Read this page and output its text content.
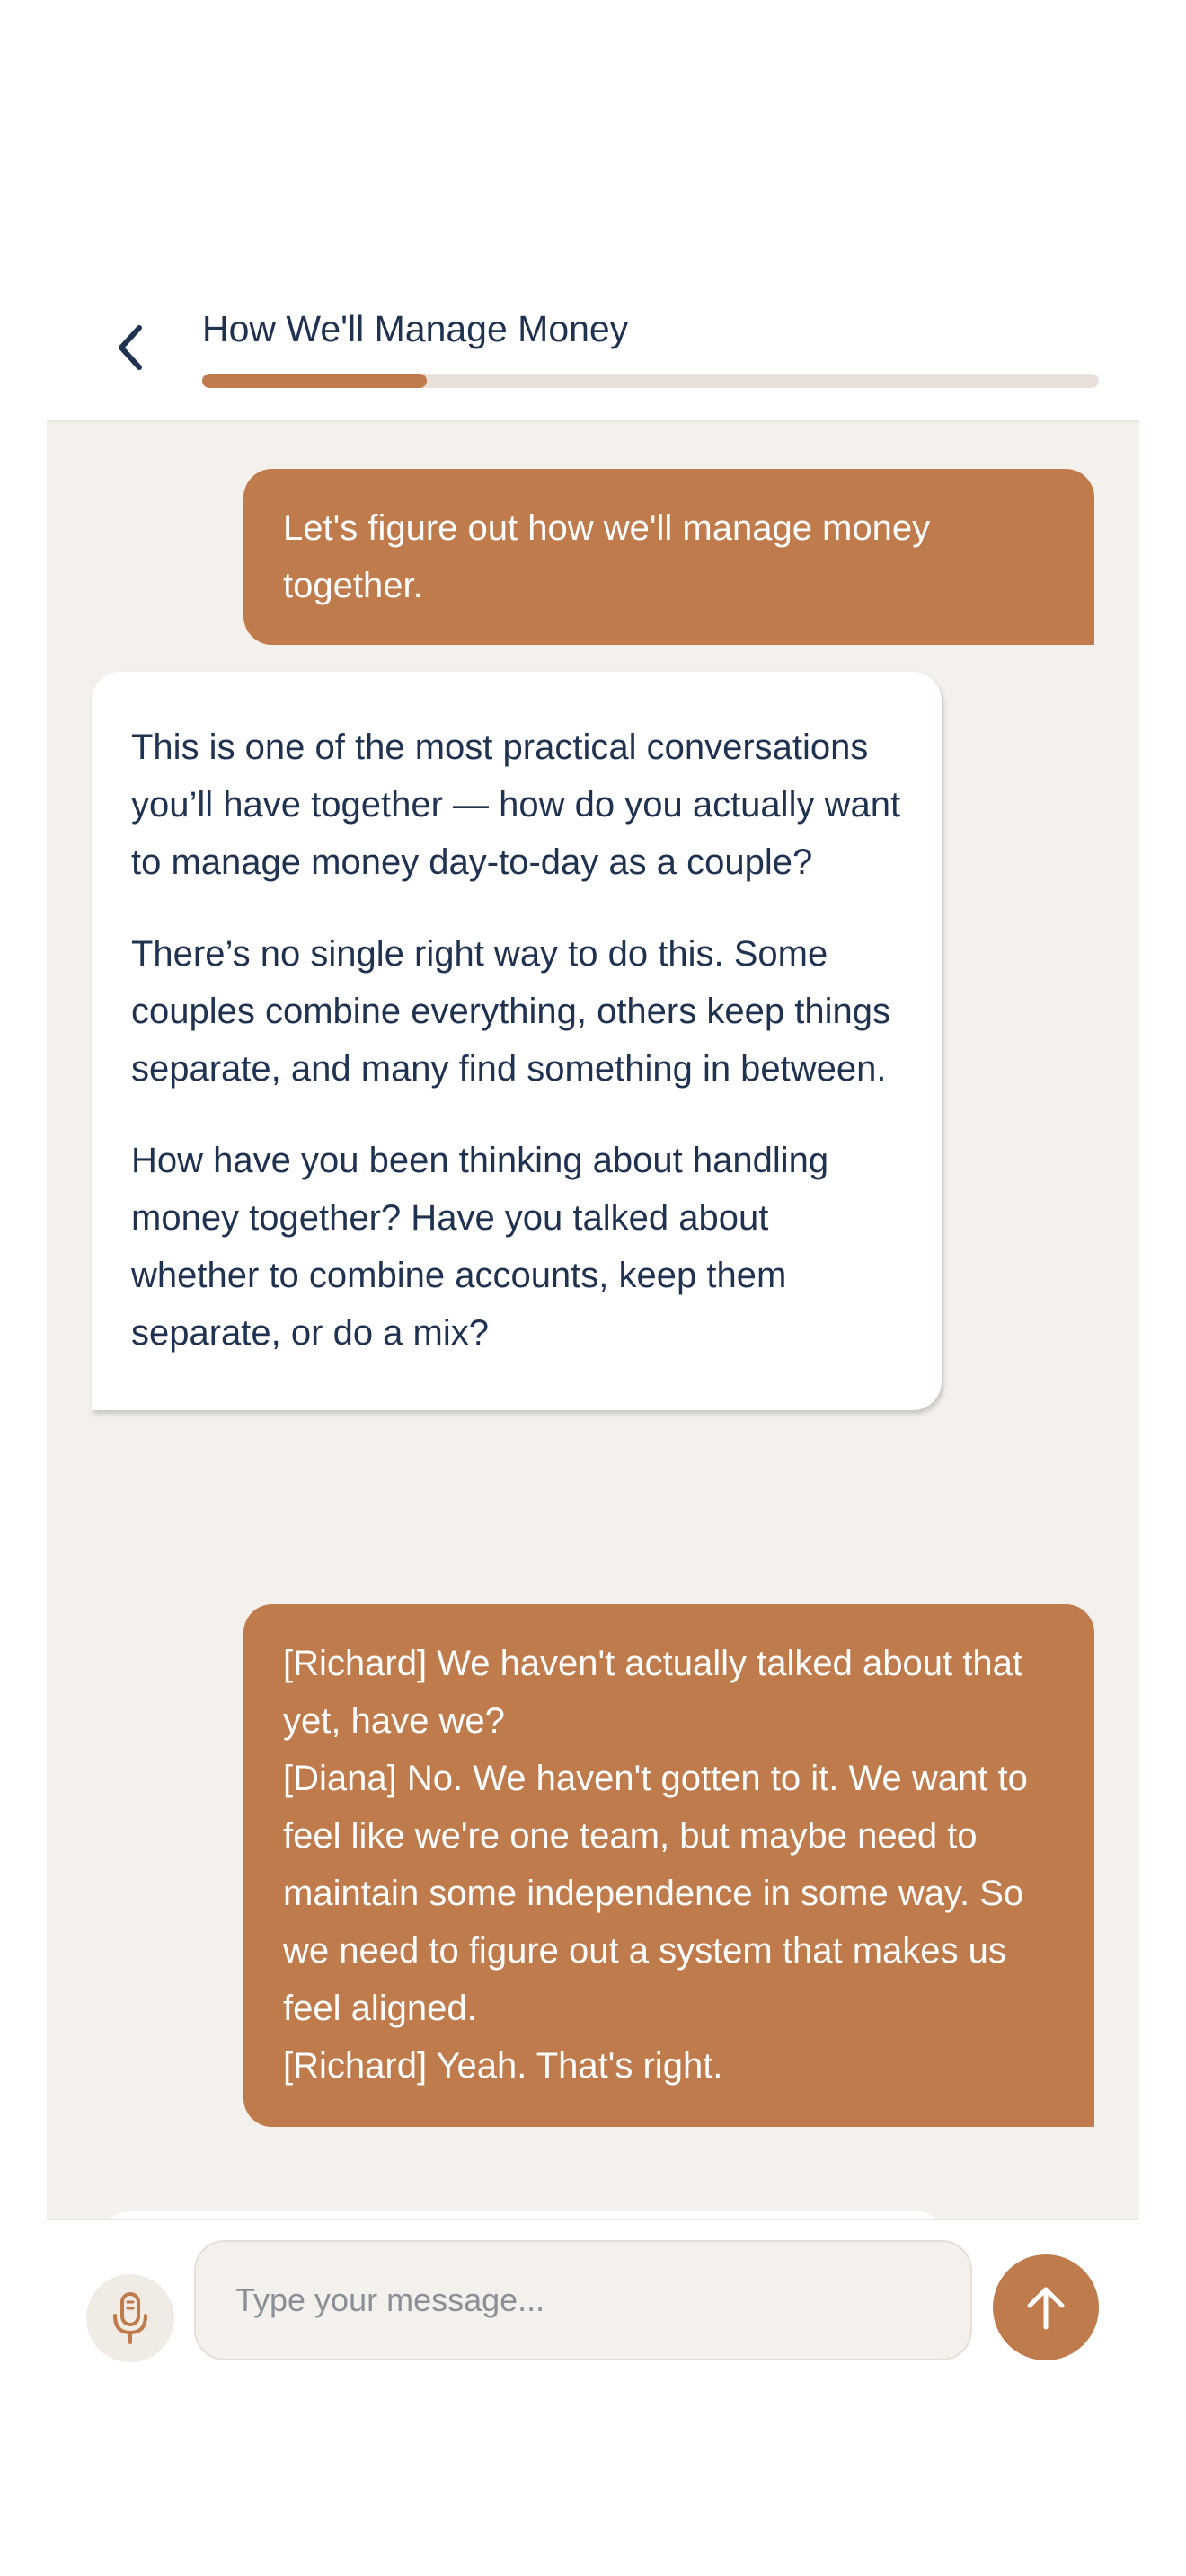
How We'll Manage Money

Let's figure out how we'll manage money together.

This is one of the most practical conversations you’ll have together — how do you actually want to manage money day-to-day as a couple?

There’s no single right way to do this. Some couples combine everything, others keep things separate, and many find something in between.

How have you been thinking about handling money together? Have you talked about whether to combine accounts, keep them separate, or do a mix?

[Richard] We haven't actually talked about that yet, have we?
[Diana] No. We haven't gotten to it. We want to feel like we're one team, but maybe need to maintain some independence in some way. So we need to figure out a system that makes us feel aligned.
[Richard] Yeah. That's right.

Type your message...
